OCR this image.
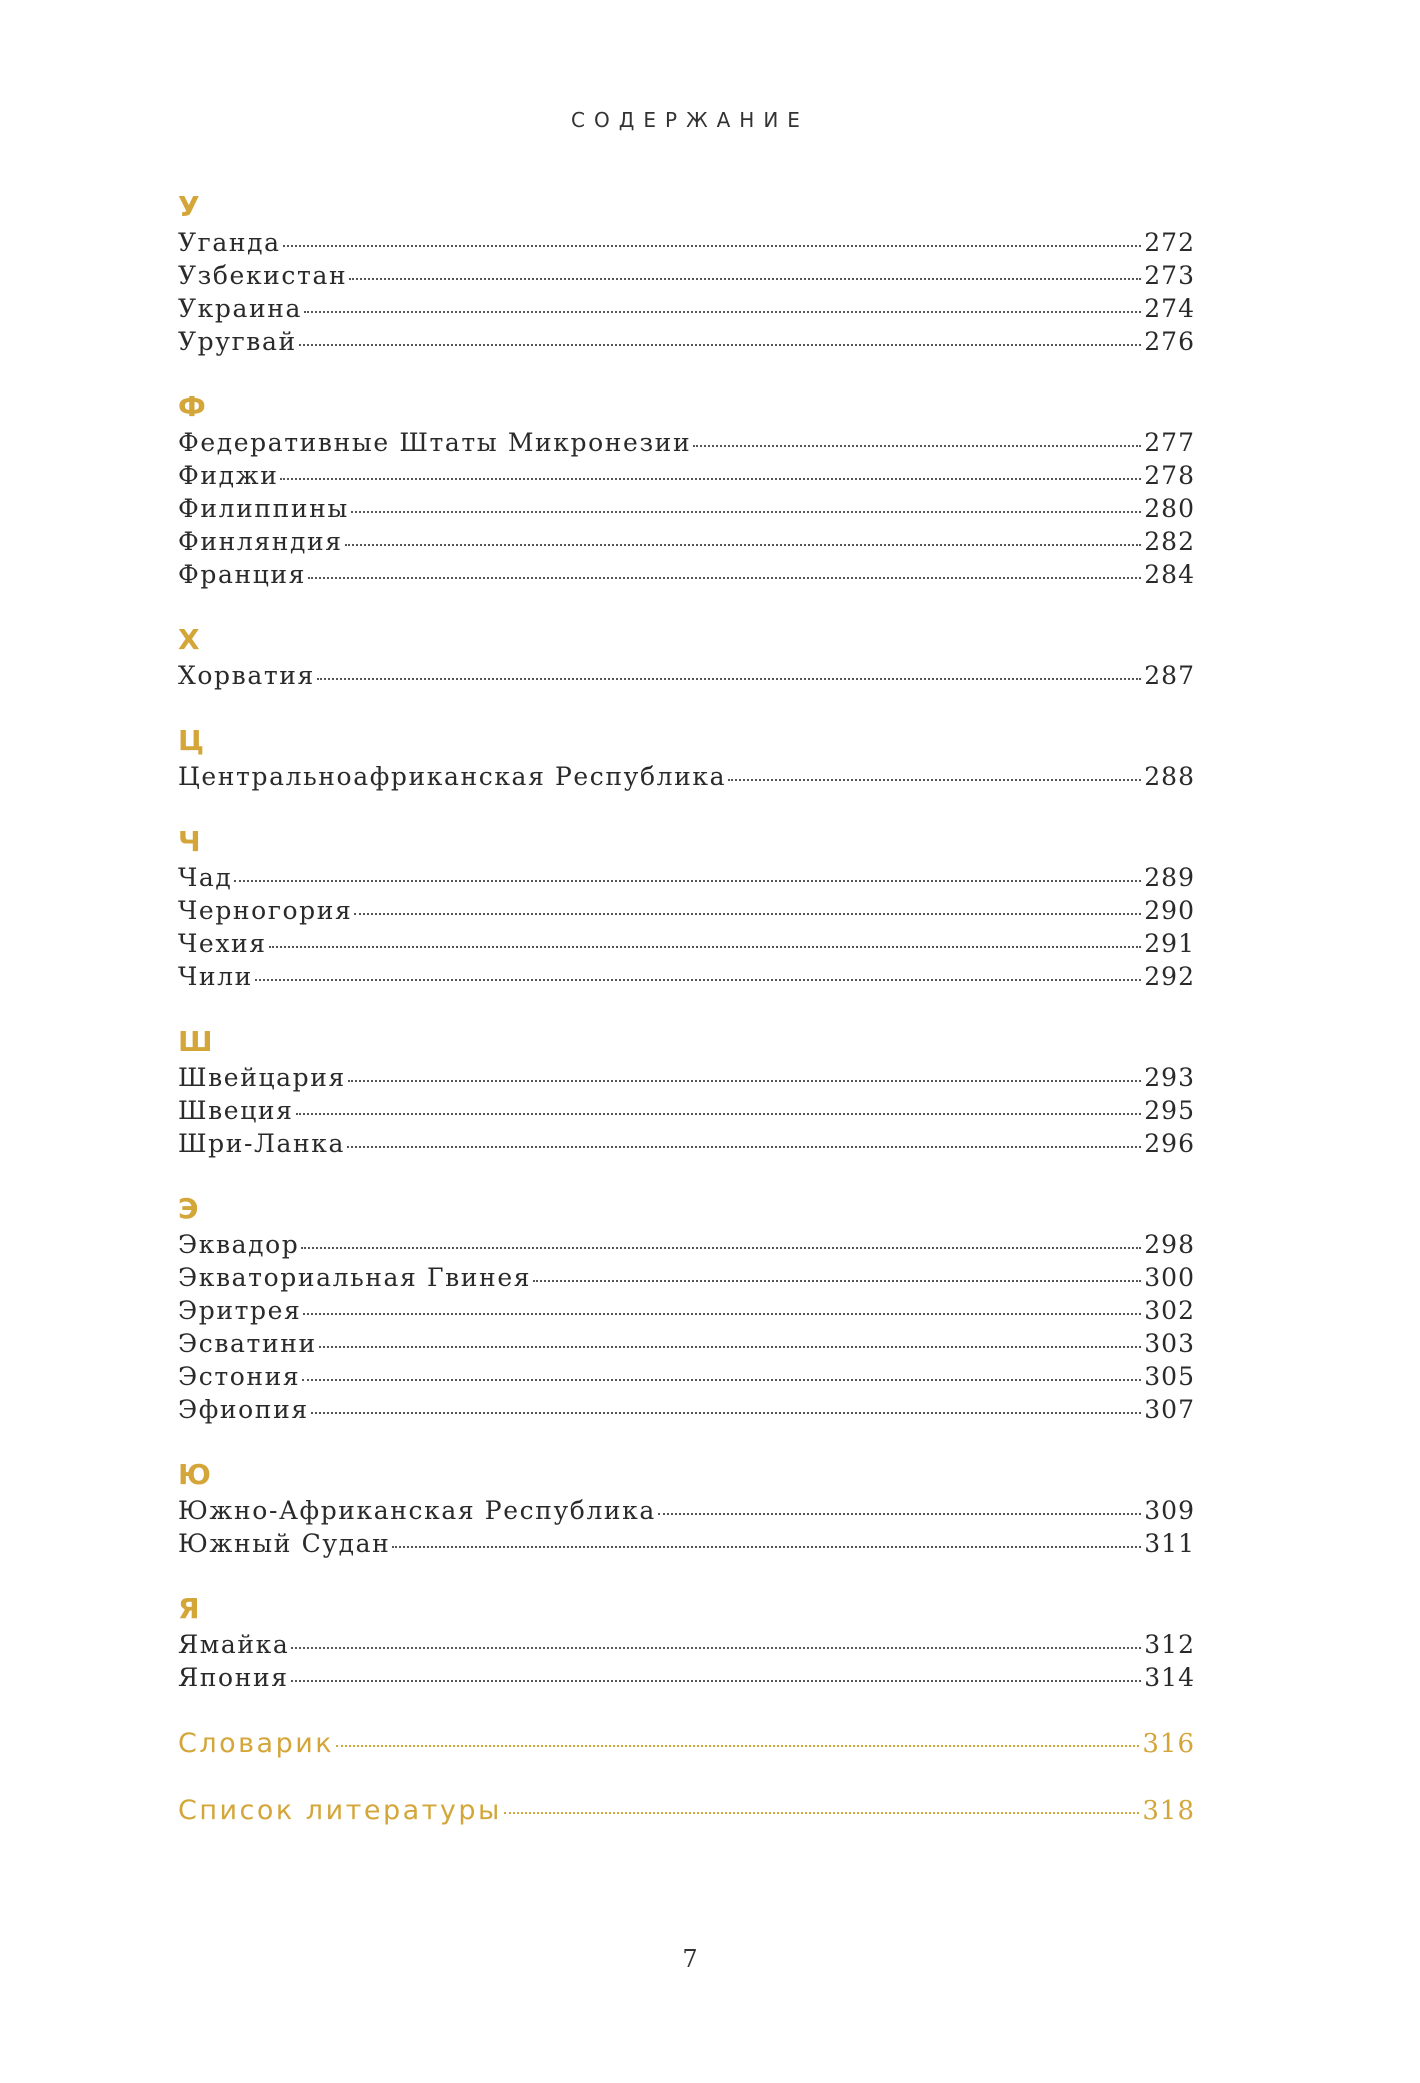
СОДЕРЖАНИЕ
У
Уганда	272
Узбекистан	273
Украина	274
Уругвай	276
Ф
Федеративные Штаты Микронезии	277
Фиджи	278
Филиппины	280
Финляндия	282
Франция	284
Х
Хорватия	287
Ц
Центральноафриканская Республика	288
Ч
Чад	289
Черногория	290
Чехия	291
Чили	292
Ш
Швейцария	293
Швеция	295
Шри-Ланка	296
Э
Эквадор	298
Экваториальная Гвинея	300
Эритрея	302
Эсватини	303
Эстония	305
Эфиопия	307
Ю
Южно-Африканская Республика	309
Южный Судан	311
Я
Ямайка	312
Япония	314
Словарик	316
Список литературы	318
7
